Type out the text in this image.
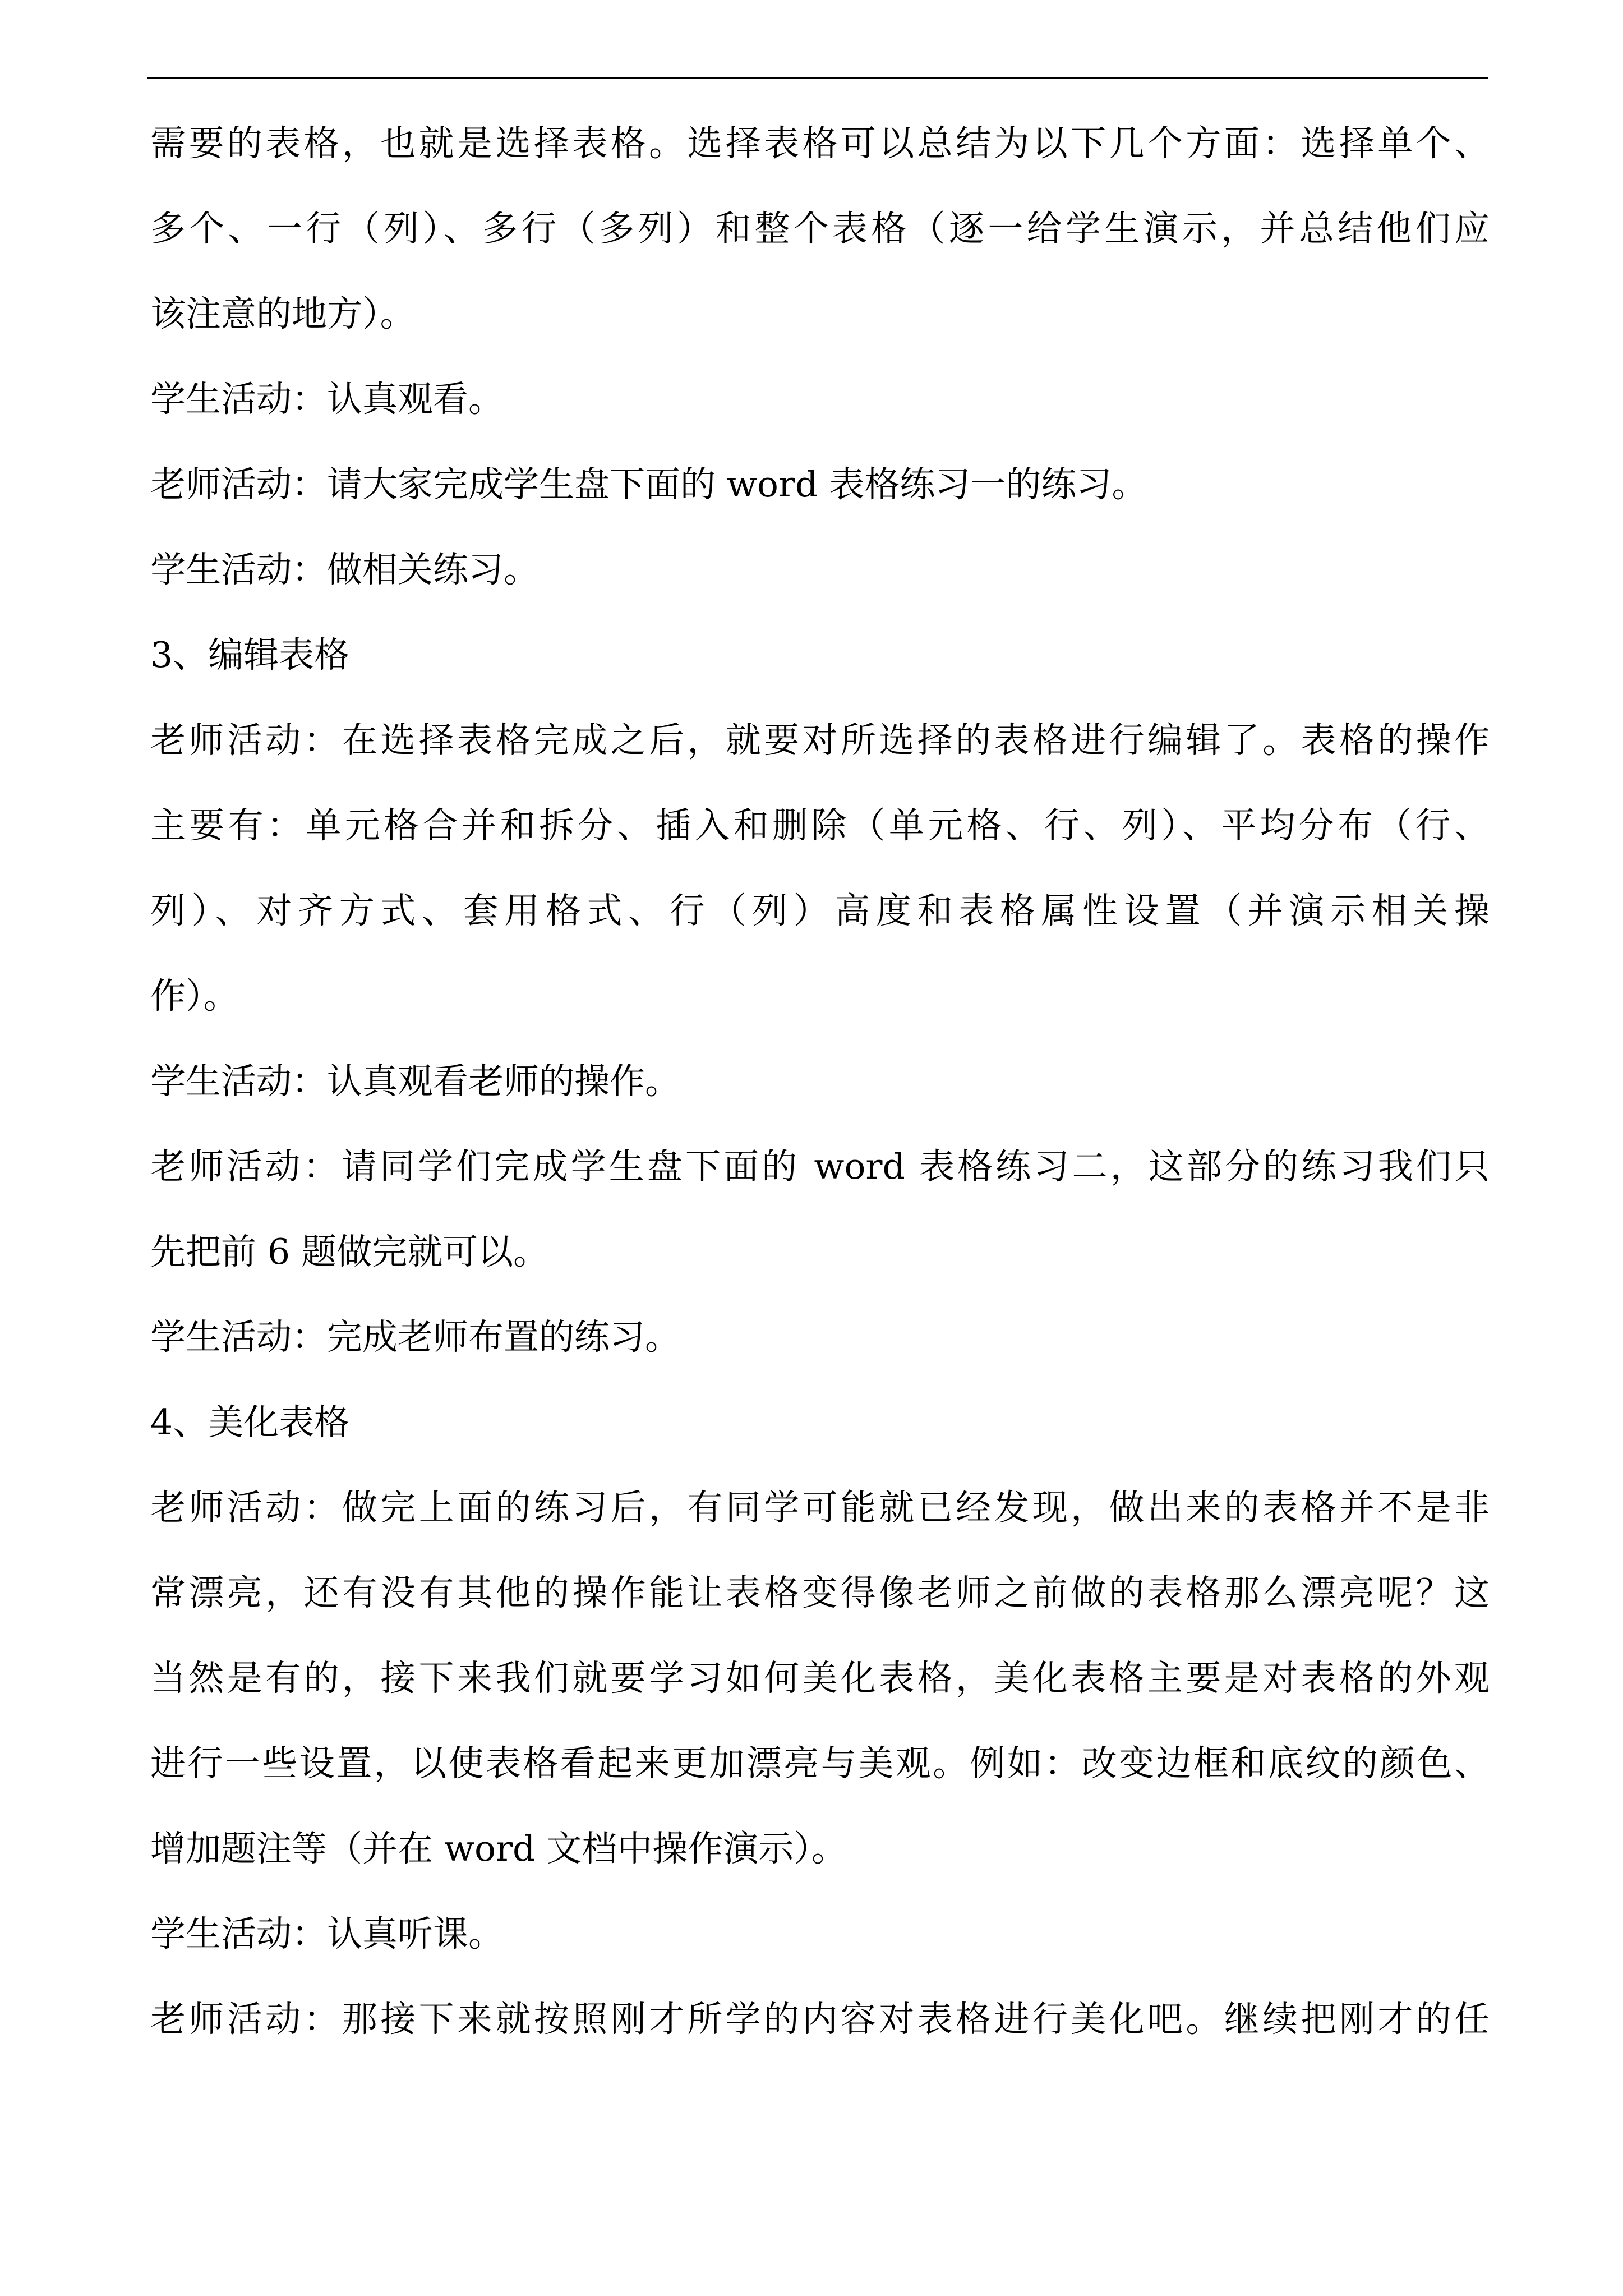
需要的表格，也就是选择表格。选择表格可以总结为以下几个方面：选择单个、
多个、一行（列）、多行（多列）和整个表格（逐一给学生演示，并总结他们应
该注意的地方）。
学生活动：认真观看。
老师活动：请大家完成学生盘下面的 word 表格练习一的练习。
学生活动：做相关练习。
3、编辑表格
老师活动：在选择表格完成之后，就要对所选择的表格进行编辑了。表格的操作
主要有：单元格合并和拆分、插入和删除（单元格、行、列）、平均分布（行、
列）、对齐方式、套用格式、行（列）高度和表格属性设置（并演示相关操
作）。
学生活动：认真观看老师的操作。
老师活动：请同学们完成学生盘下面的 word 表格练习二，这部分的练习我们只
先把前 6 题做完就可以。
学生活动：完成老师布置的练习。
4、美化表格
老师活动：做完上面的练习后，有同学可能就已经发现，做出来的表格并不是非
常漂亮，还有没有其他的操作能让表格变得像老师之前做的表格那么漂亮呢？这
当然是有的，接下来我们就要学习如何美化表格，美化表格主要是对表格的外观
进行一些设置，以使表格看起来更加漂亮与美观。例如：改变边框和底纹的颜色、
增加题注等（并在 word 文档中操作演示）。
学生活动：认真听课。
老师活动：那接下来就按照刚才所学的内容对表格进行美化吧。继续把刚才的任
